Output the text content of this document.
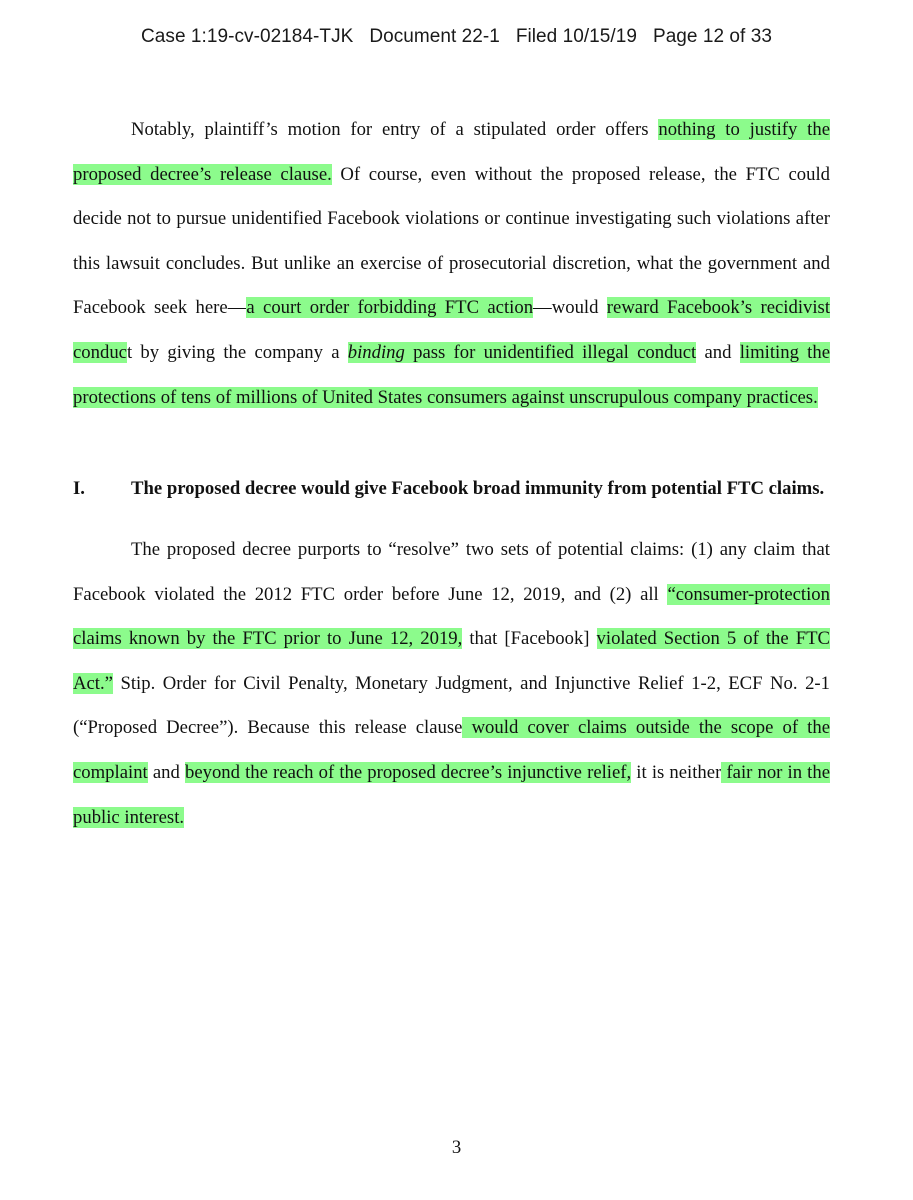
Case 1:19-cv-02184-TJK   Document 22-1   Filed 10/15/19   Page 12 of 33
Notably, plaintiff’s motion for entry of a stipulated order offers nothing to justify the proposed decree’s release clause. Of course, even without the proposed release, the FTC could decide not to pursue unidentified Facebook violations or continue investigating such violations after this lawsuit concludes. But unlike an exercise of prosecutorial discretion, what the government and Facebook seek here—a court order forbidding FTC action—would reward Facebook’s recidivist conduct by giving the company a binding pass for unidentified illegal conduct and limiting the protections of tens of millions of United States consumers against unscrupulous company practices.
I. The proposed decree would give Facebook broad immunity from potential FTC claims.
The proposed decree purports to “resolve” two sets of potential claims: (1) any claim that Facebook violated the 2012 FTC order before June 12, 2019, and (2) all “consumer-protection claims known by the FTC prior to June 12, 2019, that [Facebook] violated Section 5 of the FTC Act.” Stip. Order for Civil Penalty, Monetary Judgment, and Injunctive Relief 1-2, ECF No. 2-1 (“Proposed Decree”). Because this release clause would cover claims outside the scope of the complaint and beyond the reach of the proposed decree’s injunctive relief, it is neither fair nor in the public interest.
3
